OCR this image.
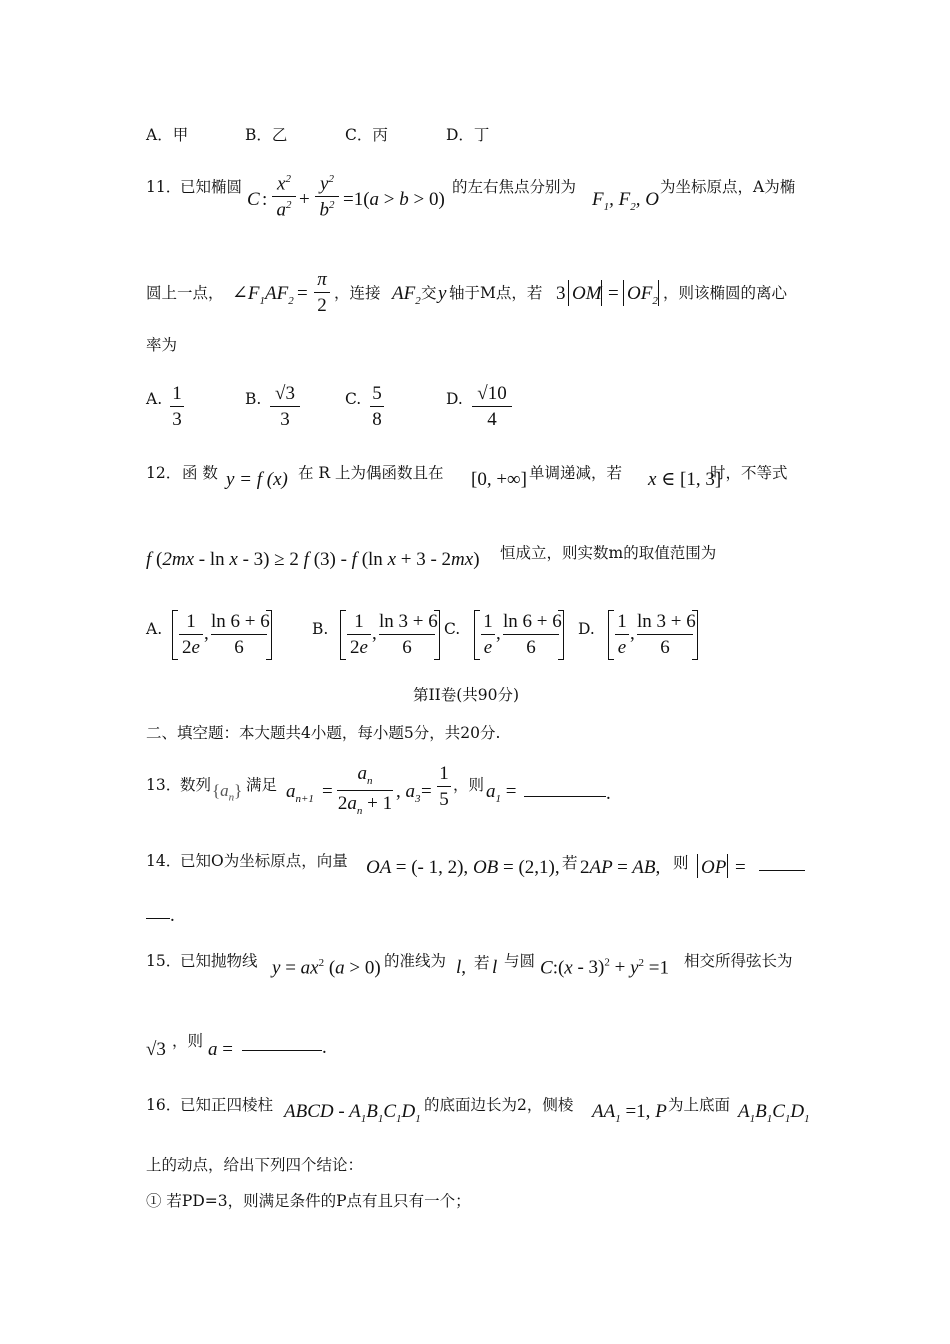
A．甲	B．乙	C．丙	D．丁
11．
已知椭圆
C :
$x^2$
$a^2$ +
$y^2$
$b^2 =1(a > b > 0)$
的左右焦点分别为
$F_1$, $F_2$, O
为坐标原点，A为椭
圆上一点， $\angle F_1AF_2$ =
π
2
，连接 $AF_2$ 交 y 轴于M点，若 3 OM = $OF_2$ ，则该椭圆的离心
率为
A. 1
3
B. √3
3
C. 5
8
D. √10
4
12． 函 数 y = f (x) 在 R 上为偶函数且在 [0, +∞] 单调递减，若 x ∈ [1, 3]
时，不等式
f (2mx - ln x - 3) ≥ 2 f (3) - f (ln x + 3 - 2mx) 恒成立，则实数m的取值范围为
A.	1
2e
,
ln 6 + 6
6
B.	1
2e
,
ln 3 + 6
6
C. 1
e
,
ln 6 + 6
6
D. 1
e
,
ln 3 + 6
6
第II卷(共90分)
二、填空题：本大题共4小题，每小题5分，共20分.
13．
数列 $\{a_n\}$ 满足 $a_{n+1}$ =
$a_n$
$2a_n + 1$
, $a_3$ =
1
5
，则 $a_1$ =	.
14．
已知O为坐标原点，向量 OA = (- 1, 2), OB = (2,1), 若 2AP = AB, 则 OP =
.
15．
已知抛物线 $y = ax^2$ (a > 0) 的准线为 l, 若 l 与圆 C:(x - $3)^2 + y^2 =1$ 相交所得弦长为
√3 ，则 a =	.
16．
已知正四棱柱 ABCD - $A_1B_1C_1D_1$
的底面边长为2，侧棱 $AA_1 =1$, P 为上底面 $A_1B_1C_1D_1$
上的动点，给出下列四个结论：
① 若PD=3，则满足条件的P点有且只有一个；
